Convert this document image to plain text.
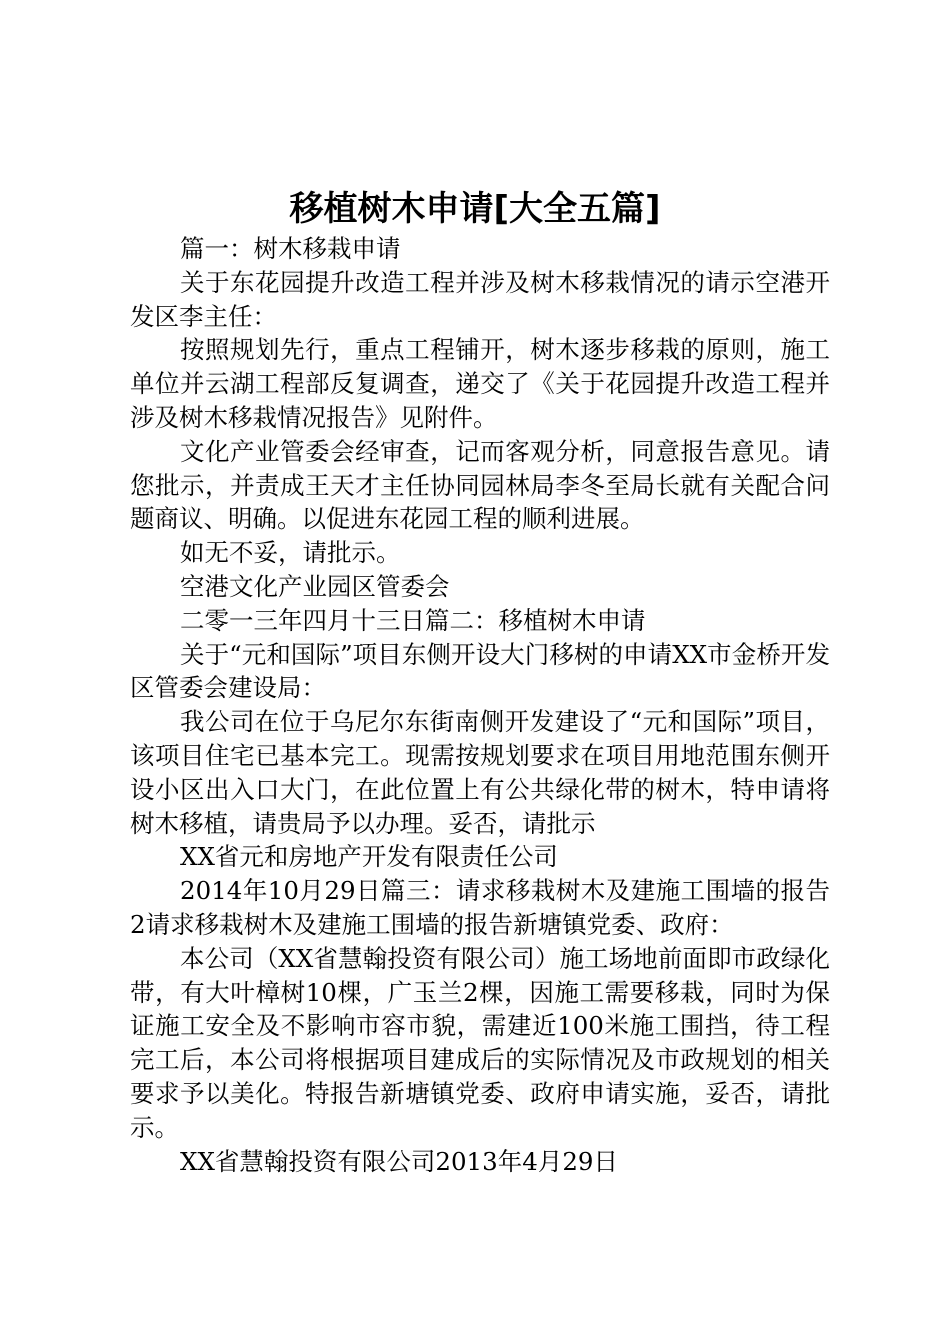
移植树木申请[大全五篇]

篇一：树木移栽申请

关于东花园提升改造工程并涉及树木移栽情况的请示空港开发区李主任：

按照规划先行，重点工程铺开，树木逐步移栽的原则，施工单位并云湖工程部反复调查，递交了《关于花园提升改造工程并涉及树木移栽情况报告》见附件。

文化产业管委会经审查，记而客观分析，同意报告意见。请您批示，并责成王天才主任协同园林局李冬至局长就有关配合问题商议、明确。以促进东花园工程的顺利进展。

如无不妥，请批示。

空港文化产业园区管委会

二零一三年四月十三日篇二：移植树木申请

关于“元和国际”项目东侧开设大门移树的申请XX市金桥开发区管委会建设局：

我公司在位于乌尼尔东街南侧开发建设了“元和国际”项目，该项目住宅已基本完工。现需按规划要求在项目用地范围东侧开设小区出入口大门，在此位置上有公共绿化带的树木，特申请将树木移植，请贵局予以办理。妥否，请批示

XX省元和房地产开发有限责任公司

2014年10月29日篇三：请求移栽树木及建施工围墙的报告2请求移栽树木及建施工围墙的报告新塘镇党委、政府：

本公司（XX省慧翰投资有限公司）施工场地前面即市政绿化带，有大叶樟树10棵，广玉兰2棵，因施工需要移栽，同时为保证施工安全及不影响市容市貌，需建近100米施工围挡，待工程完工后，本公司将根据项目建成后的实际情况及市政规划的相关要求予以美化。特报告新塘镇党委、政府申请实施，妥否，请批示。

XX省慧翰投资有限公司2013年4月29日
